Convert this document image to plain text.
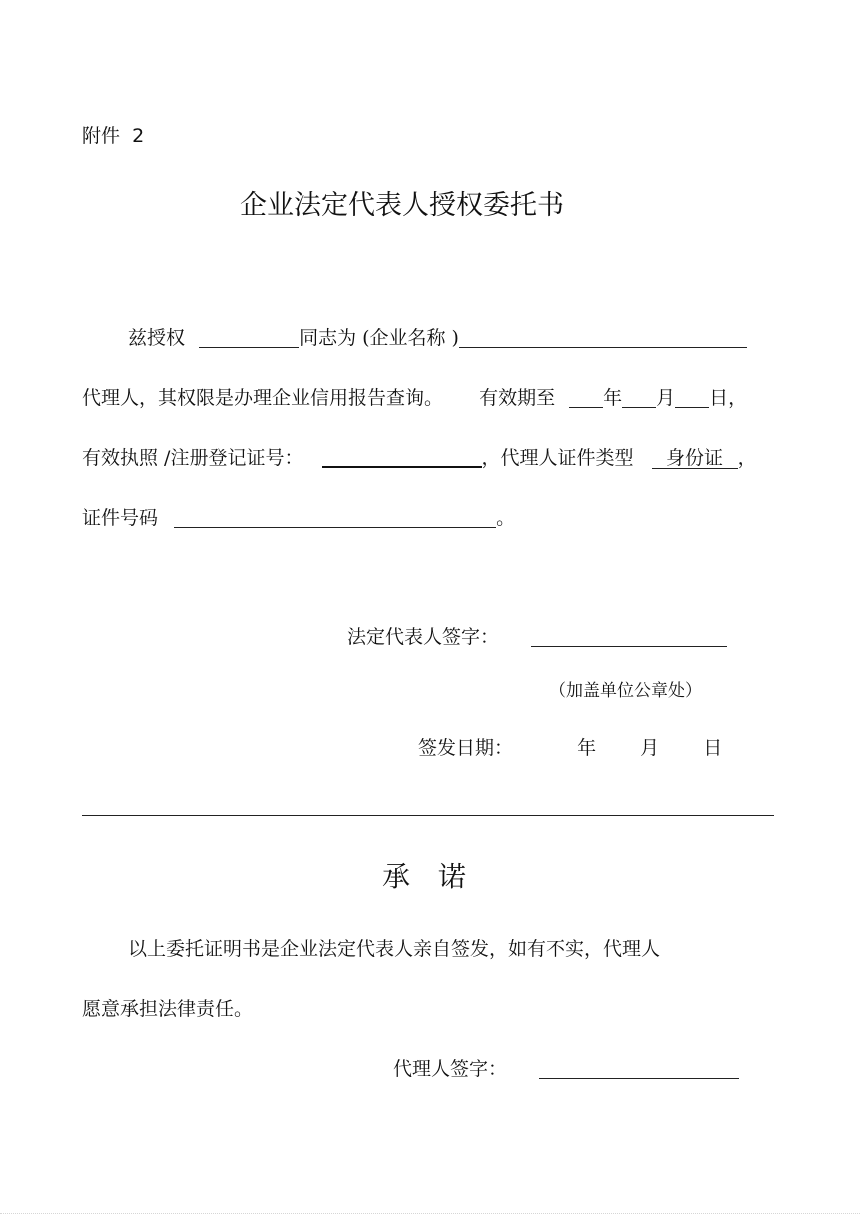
附件 2
企业法定代表人授权委托书
兹授权	同志为 (企业名称 )
代理人，其权限是办理企业信用报告查询。 有效期至	年 月 日，
有效执照 /注册登记证号：	，代理人证件类型 身份证 ，
证件号码	。
法定代表人签字：
（加盖单位公章处）
签发日期：	年 月 日
承　诺
以上委托证明书是企业法定代表人亲自签发，如有不实，代理人
愿意承担法律责任。
代理人签字：
